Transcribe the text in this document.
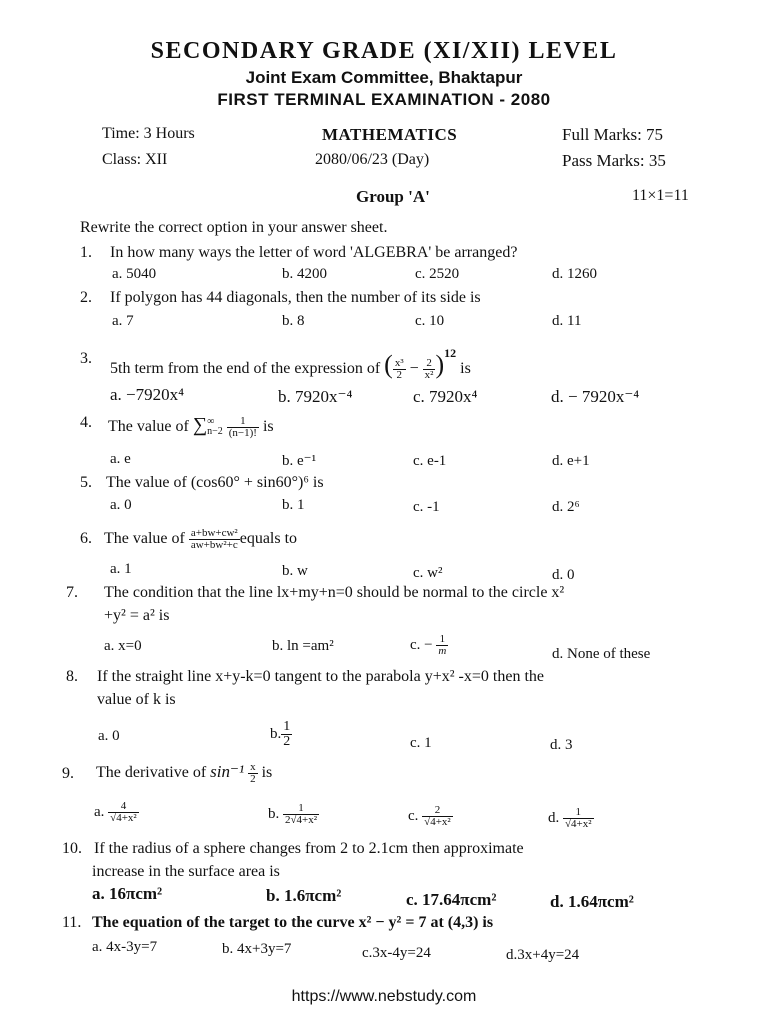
SECONDARY GRADE (XI/XII) LEVEL
Joint Exam Committee, Bhaktapur
FIRST TERMINAL EXAMINATION - 2080
Time: 3 Hours	MATHEMATICS	Full Marks: 75
Class: XII	2080/06/23 (Day)	Pass Marks: 35
Group 'A'	11×1=11
Rewrite the correct option in your answer sheet.
1. In how many ways the letter of word 'ALGEBRA' be arranged?
a. 5040	b. 4200	c. 2520	d. 1260
2. If polygon has 44 diagonals, then the number of its side is
a. 7	b. 8	c. 10	d. 11
3.
5th term from the end of the expression of ( $\frac{\text{x³}}{2} - \frac{2}{\text{x²}} )^{12}$ is
a. −7920x⁴	b. 7920x⁻⁴	c. 7920x⁴	d. − 7920x⁻⁴
4. The value of ∑ ∞
n−2
$\frac{1}{(n-1)!}$ is
a. e	b. e⁻¹	c. e-1	d. e+1
5. The value of (cos60° + sin60°)⁶ is
a. 0	b. 1	c. -1	d. 2⁶
6. The value of $\frac{\text{a+bw+cw²}}{\text{aw+bw²+c}}$ equals to
a. 1	b. w	c. w²	d. 0
7. The condition that the line lx+my+n=0 should be normal to the circle x²
+y² = a² is
a. x=0	b. ln =am²	c. − $\frac{1}{m}$	d. None of these
8. If the straight line x+y-k=0 tangent to the parabola y+x² -x=0 then the
value of k is
a. 0	b. $\frac{1}{2}$	c. 1	d. 3
9. The derivative of $\sin^{-1} \frac{x}{2}$ is
a. $\frac{4}{\text{√4+x²}}$	b. $\frac{1}{\text{2√4+x²}}$	c. $\frac{2}{\text{√4+x²}}$	d. $\frac{1}{\text{√4+x²}}$
10. If the radius of a sphere changes from 2 to 2.1cm then approximate
increase in the surface area is
a. 16πcm²	b. 1.6πcm²	c. 17.64πcm²	d. 1.64πcm²
11. The equation of the target to the curve x² − y² = 7 at (4,3) is
a. 4x-3y=7	b. 4x+3y=7	c.3x-4y=24	d.3x+4y=24
https://www.nebstudy.com
